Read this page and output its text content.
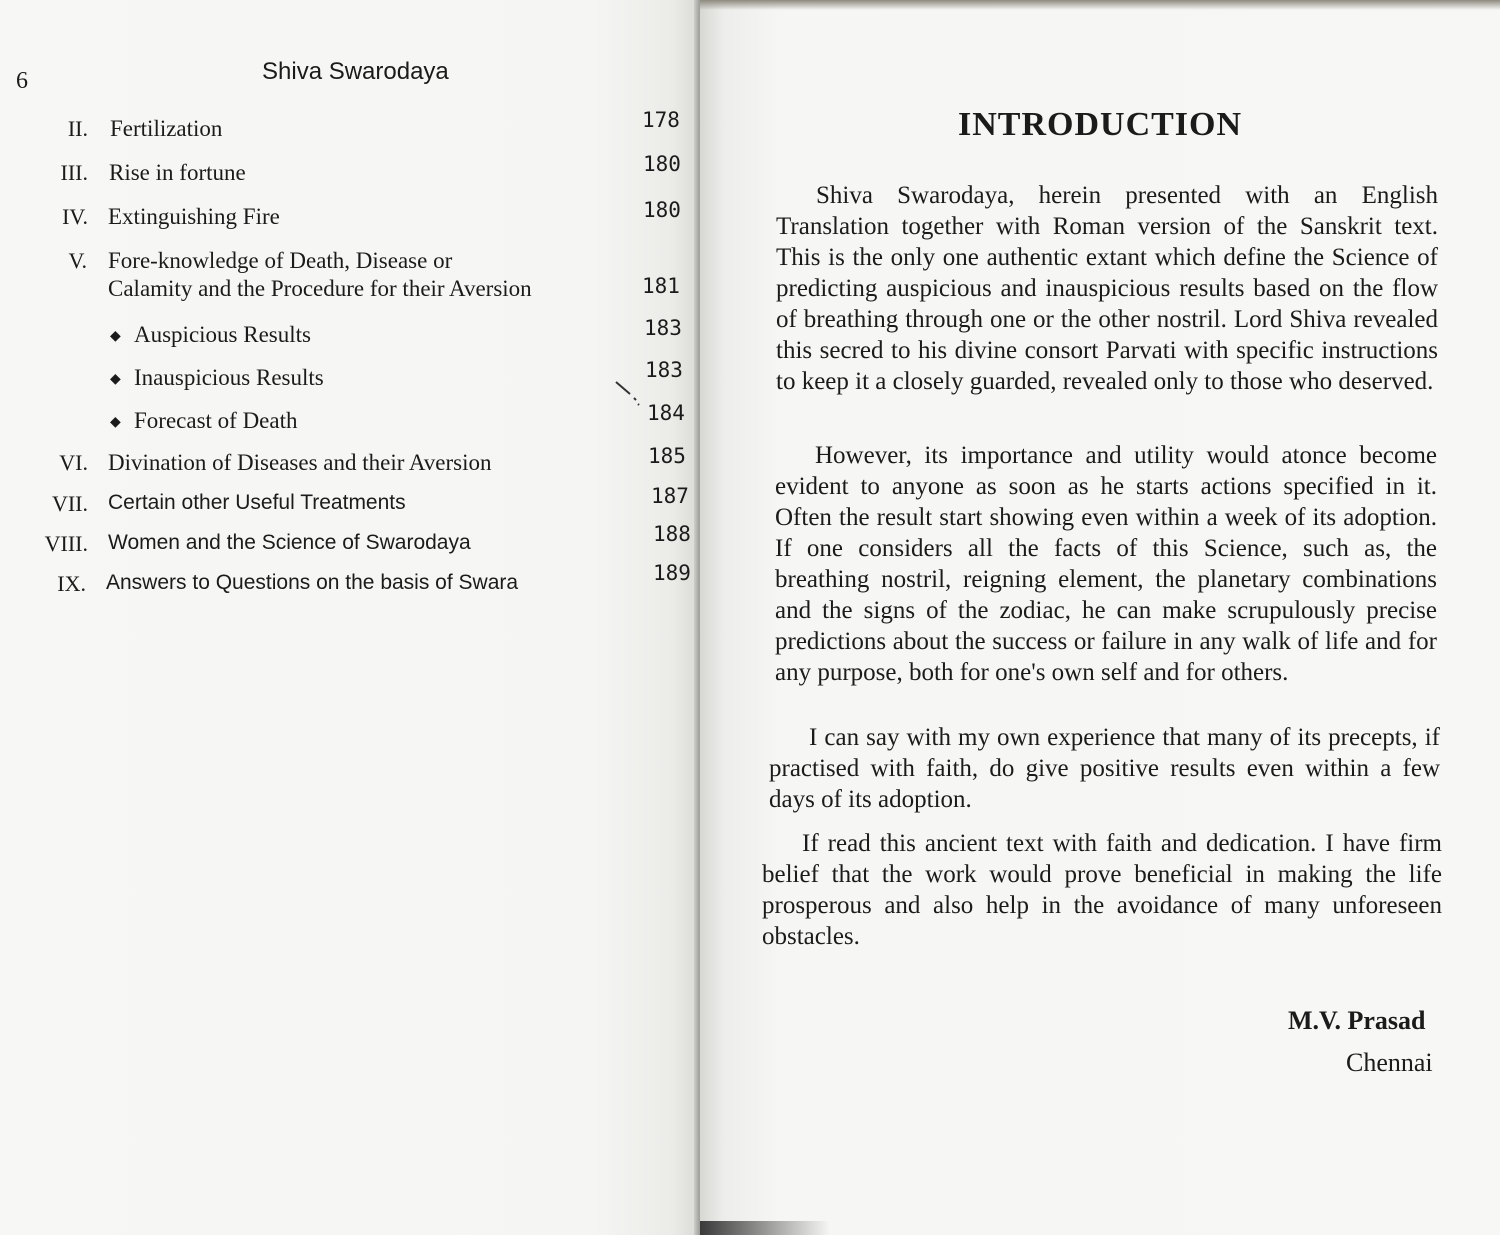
6	Shiva Swarodaya
II. Fertilization	178
III. Rise in fortune	180
IV. Extinguishing Fire	180
V. Fore-knowledge of Death, Disease or
Calamity and the Procedure for their Aversion	181
◆ Auspicious Results	183
◆ Inauspicious Results	183
◆ Forecast of Death	184
VI. Divination of Diseases and their Aversion	185
VII. Certain other Useful Treatments	187
VIII. Women and the Science of Swarodaya	188
IX. Answers to Questions on the basis of Swara	189
INTRODUCTION

Shiva Swarodaya, herein presented with an English Translation together with Roman version of the Sanskrit text. This is the only one authentic extant which define the Science of predicting auspicious and inauspicious results based on the flow of breathing through one or the other nostril. Lord Shiva revealed this secred to his divine consort Parvati with specific instructions to keep it a closely guarded, revealed only to those who deserved.

However, its importance and utility would atonce become evident to anyone as soon as he starts actions specified in it. Often the result start showing even within a week of its adoption. If one considers all the facts of this Science, such as, the breathing nostril, reigning element, the planetary combinations and the signs of the zodiac, he can make scrupulously precise predictions about the success or failure in any walk of life and for any purpose, both for one's own self and for others.

I can say with my own experience that many of its precepts, if practised with faith, do give positive results even within a few days of its adoption.

If read this ancient text with faith and dedication. I have firm belief that the work would prove beneficial in making the life prosperous and also help in the avoidance of many unforeseen obstacles.

M.V. Prasad
Chennai
